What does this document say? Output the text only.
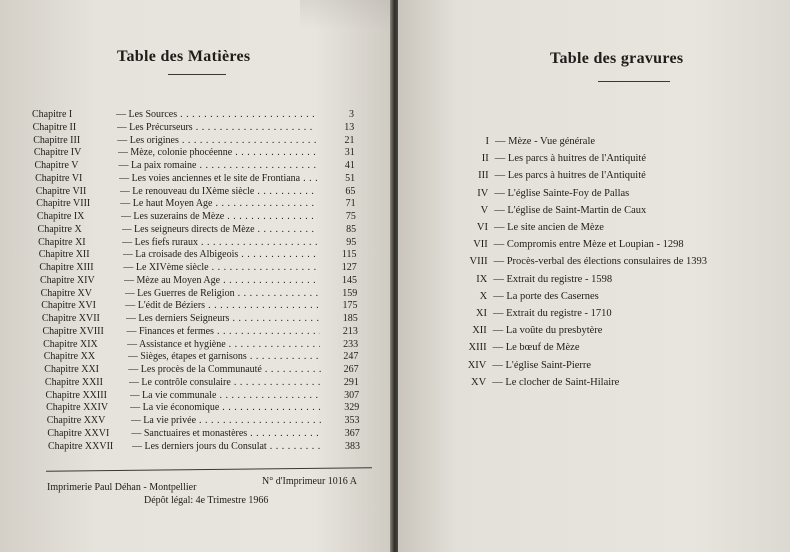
Table des Matières
Chapitre I	— Les Sources . . .	3
Chapitre II	— Les Précurseurs . . .	13
Chapitre III	— Les origines . . .	21
Chapitre IV	— Mèze, colonie phocéenne . . .	31
Chapitre V	— La paix romaine . . .	41
Chapitre VI	— Les voies anciennes et le site de Frontiana . . .	51
Chapitre VII	— Le renouveau du IXème siècle . . .	65
Chapitre VIII	— Le haut Moyen Age . . .	71
Chapitre IX	— Les suzerains de Mèze . . .	75
Chapitre X	— Les seigneurs directs de Mèze . . .	85
Chapitre XI	— Les fiefs ruraux . . .	95
Chapitre XII	— La croisade des Albigeois . . .	115
Chapitre XIII	— Le XIVème siècle . . .	127
Chapitre XIV	— Mèze au Moyen Age . . .	145
Chapitre XV	— Les Guerres de Religion . . .	159
Chapitre XVI	— L'édit de Béziers . . .	175
Chapitre XVII	— Les derniers Seigneurs . . .	185
Chapitre XVIII — Finances et fermes . . .	213
Chapitre XIX	— Assistance et hygiène . . .	233
Chapitre XX	— Sièges, étapes et garnisons . . .	247
Chapitre XXI	— Les procès de la Communauté . . .	267
Chapitre XXII	— Le contrôle consulaire . . .	291
Chapitre XXIII — La vie communale . . .	307
Chapitre XXIV — La vie économique . . .	329
Chapitre XXV	— La vie privée . . .	353
Chapitre XXVI — Sanctuaires et monastères . . .	367
Chapitre XXVII — Les derniers jours du Consulat . . .	383
Imprimerie Paul Déhan - Montpellier
N° d'Imprimeur 1016 A
Dépôt légal: 4e Trimestre 1966
Table des gravures
I — Mèze - Vue générale
II — Les parcs à huitres de l'Antiquité
III — Les parcs à huitres de l'Antiquité
IV — L'église Sainte-Foy de Pallas
V — L'église de Saint-Martin de Caux
VI — Le site ancien de Mèze
VII — Compromis entre Mèze et Loupian - 1298
VIII — Procès-verbal des élections consulaires de 1393
IX — Extrait du registre - 1598
X — La porte des Casernes
XI — Extrait du registre - 1710
XII — La voûte du presbytère
XIII — Le bœuf de Mèze
XIV — L'église Saint-Pierre
XV — Le clocher de Saint-Hilaire
